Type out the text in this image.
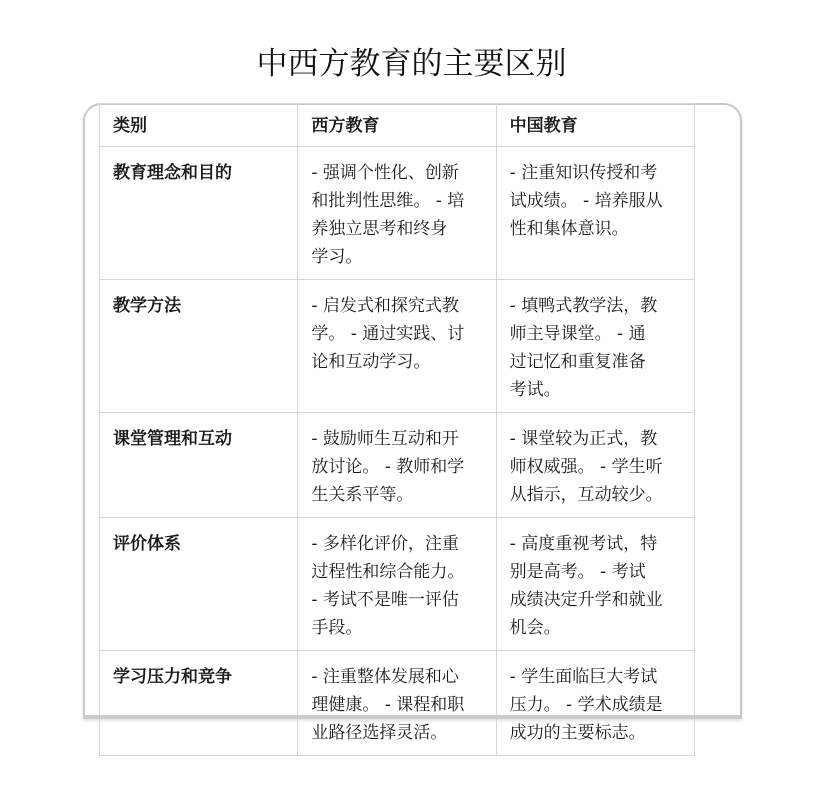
中西方教育的主要区别
类别	西方教育	中国教育
教育理念和目的	- 强调个性化、创新
和批判性思维。 - 培
养独立思考和终身
学习。	- 注重知识传授和考
试成绩。 - 培养服从
性和集体意识。
教学方法	- 启发式和探究式教
学。 - 通过实践、讨
论和互动学习。	- 填鸭式教学法，教
师主导课堂。 - 通
过记忆和重复准备
考试。
课堂管理和互动	- 鼓励师生互动和开
放讨论。 - 教师和学
生关系平等。	- 课堂较为正式，教
师权威强。 - 学生听
从指示，互动较少。
评价体系	- 多样化评价，注重
过程性和综合能力。
- 考试不是唯一评估
手段。	- 高度重视考试，特
别是高考。 - 考试
成绩决定升学和就业
机会。
学习压力和竞争	- 注重整体发展和心
理健康。 - 课程和职
业路径选择灵活。	- 学生面临巨大考试
压力。 - 学术成绩是
成功的主要标志。
